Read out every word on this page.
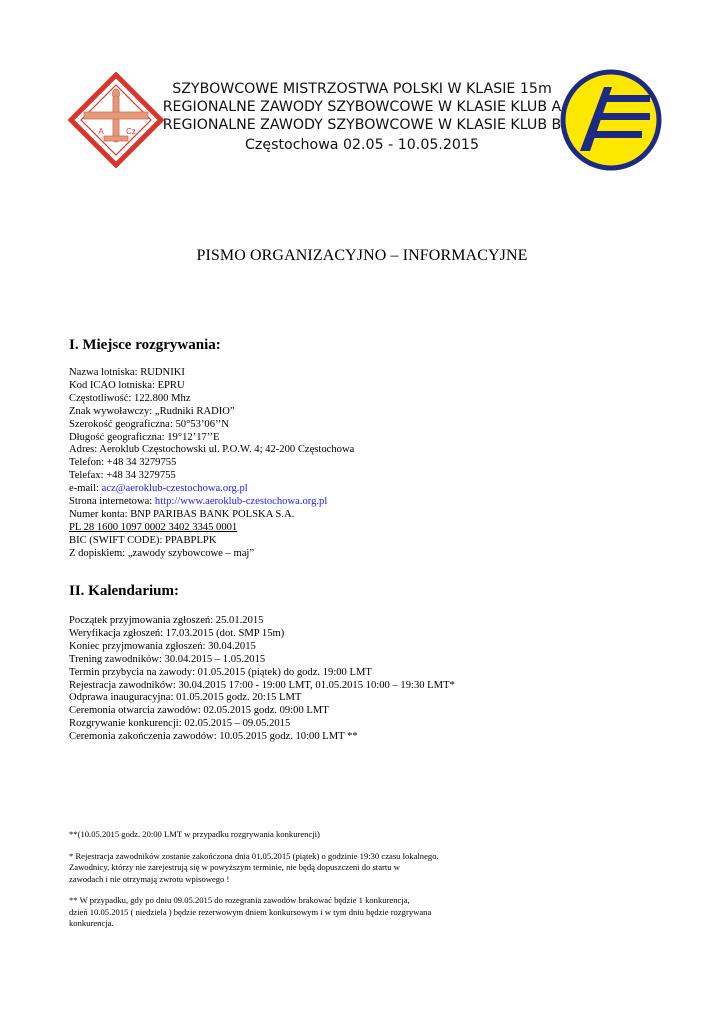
A	Cz
SZYBOWCOWE MISTRZOSTWA POLSKI W KLASIE 15m
REGIONALNE ZAWODY SZYBOWCOWE W KLASIE KLUB A
REGIONALNE ZAWODY SZYBOWCOWE W KLASIE KLUB B
Częstochowa 02.05 - 10.05.2015
PISMO ORGANIZACYJNO – INFORMACYJNE
I. Miejsce rozgrywania:
Nazwa lotniska: RUDNIKI
Kod ICAO lotniska: EPRU
Częstotliwość: 122.800 Mhz
Znak wywoławczy: „Rudniki RADIO”
Szerokość geograficzna: 50°53’06’’N
Długość geograficzna: 19°12’17’’E
Adres: Aeroklub Częstochowski ul. P.O.W. 4; 42-200 Częstochowa
Telefon: +48 34 3279755
Telefax: +48 34 3279755
e-mail: acz@aeroklub-czestochowa.org.pl
Strona internetowa: http://www.aeroklub-czestochowa.org.pl
Numer konta: BNP PARIBAS BANK POLSKA S.A.
PL 28 1600 1097 0002 3402 3345 0001
BIC (SWIFT CODE): PPABPLPK
Z dopiskiem: „zawody szybowcowe – maj”
II. Kalendarium:
Początek przyjmowania zgłoszeń: 25.01.2015
Weryfikacja zgłoszeń: 17.03.2015 (dot. SMP 15m)
Koniec przyjmowania zgłoszeń: 30.04.2015
Trening zawodników: 30.04.2015 – 1.05.2015
Termin przybycia na zawody: 01.05.2015 (piątek) do godz. 19:00 LMT
Rejestracja zawodników: 30.04.2015 17:00 - 19:00 LMT, 01.05.2015 10:00 – 19:30 LMT*
Odprawa inauguracyjna: 01.05.2015 godz. 20:15 LMT
Ceremonia otwarcia zawodów: 02.05.2015 godz. 09:00 LMT
Rozgrywanie konkurencji: 02.05.2015 – 09.05.2015
Ceremonia zakończenia zawodów: 10.05.2015 godz. 10:00 LMT **
**(10.05.2015 godz. 20:00 LMT w przypadku rozgrywania konkurencji)
* Rejestracja zawodników zostanie zakończona dnia 01.05.2015 (piątek) o godzinie 19:30 czasu lokalnego.
Zawodnicy, którzy nie zarejestrują się w powyższym terminie, nie będą dopuszczeni do startu w
zawodach i nie otrzymają zwrotu wpisowego !
** W przypadku, gdy po dniu 09.05.2015 do rozegrania zawodów brakować będzie 1 konkurencja,
dzień 10.05.2015 ( niedziela ) będzie rezerwowym dniem konkursowym i w tym dniu będzie rozgrywana
konkurencja.
